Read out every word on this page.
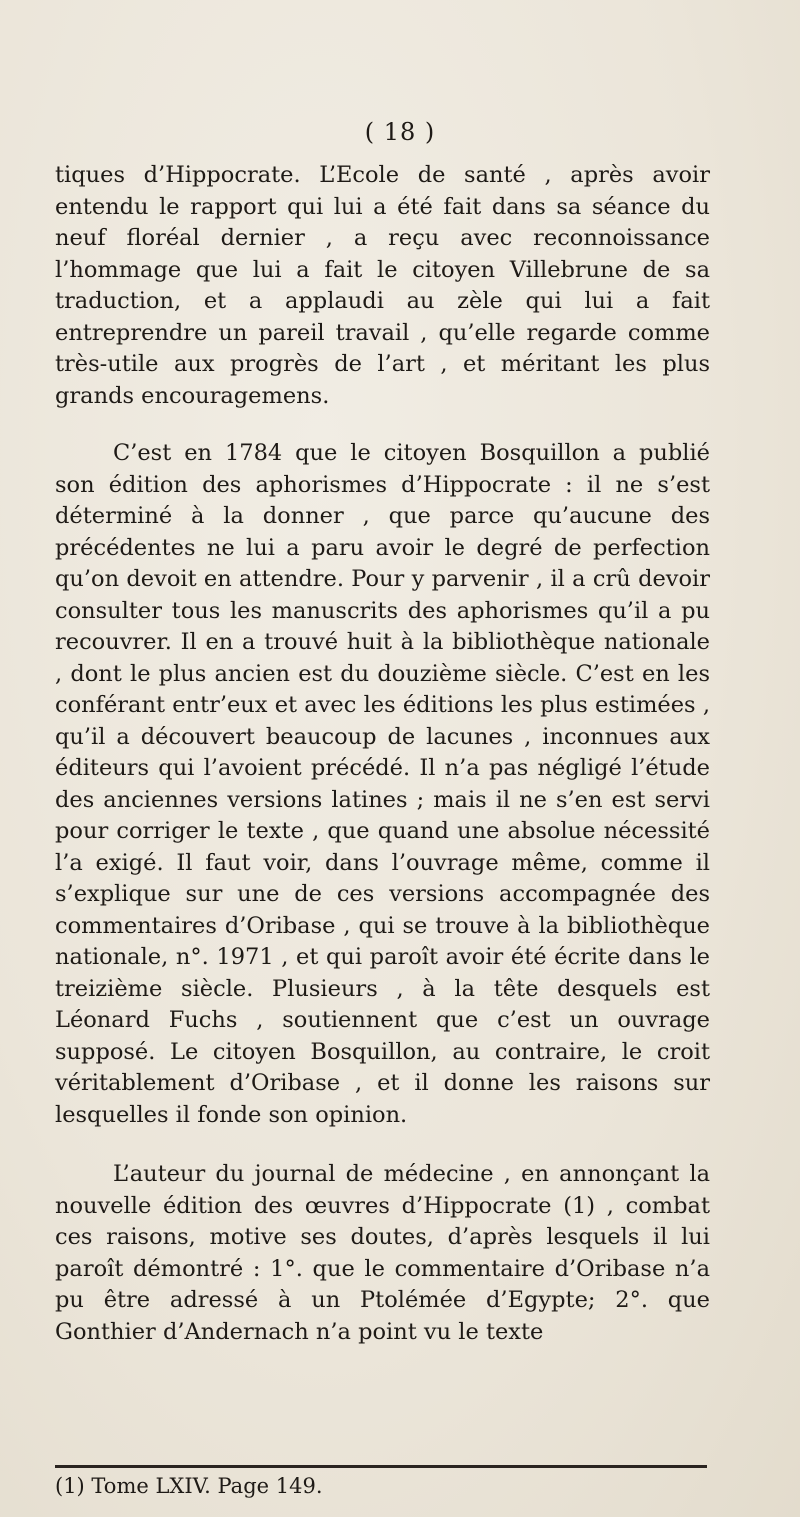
( 18 )

tiques d’Hippocrate. L’Ecole de santé , après avoir entendu le rapport qui lui a été fait dans sa séance du neuf floréal dernier , a reçu avec reconnoissance l’hommage que lui a fait le citoyen Villebrune de sa traduction, et a applaudi au zèle qui lui a fait entreprendre un pareil travail , qu’elle regarde comme très-utile aux progrès de l’art , et méritant les plus grands encouragemens.

C’est en 1784 que le citoyen Bosquillon a publié son édition des aphorismes d’Hippocrate : il ne s’est déterminé à la donner , que parce qu’aucune des précédentes ne lui a paru avoir le degré de perfection qu’on devoit en attendre. Pour y parvenir , il a crû devoir consulter tous les manuscrits des aphorismes qu’il a pu recouvrer. Il en a trouvé huit à la bibliothèque nationale , dont le plus ancien est du douzième siècle. C’est en les conférant entr’eux et avec les éditions les plus estimées , qu’il a découvert beaucoup de lacunes , inconnues aux éditeurs qui l’avoient précédé. Il n’a pas négligé l’étude des anciennes versions latines ; mais il ne s’en est servi pour corriger le texte , que quand une absolue nécessité l’a exigé. Il faut voir, dans l’ouvrage même, comme il s’explique sur une de ces versions accompagnée des commentaires d’Oribase , qui se trouve à la bibliothèque nationale, n°. 1971 , et qui paroît avoir été écrite dans le treizième siècle. Plusieurs , à la tête desquels est Léonard Fuchs , soutiennent que c’est un ouvrage supposé. Le citoyen Bosquillon, au contraire, le croit véritablement d’Oribase , et il donne les raisons sur lesquelles il fonde son opinion.

L’auteur du journal de médecine , en annonçant la nouvelle édition des œuvres d’Hippocrate (1) , combat ces raisons, motive ses doutes, d’après lesquels il lui paroît démontré : 1°. que le commentaire d’Oribase n’a pu être adressé à un Ptolémée d’Egypte; 2°. que Gonthier d’Andernach n’a point vu le texte

(1) Tome LXIV. Page 149.
